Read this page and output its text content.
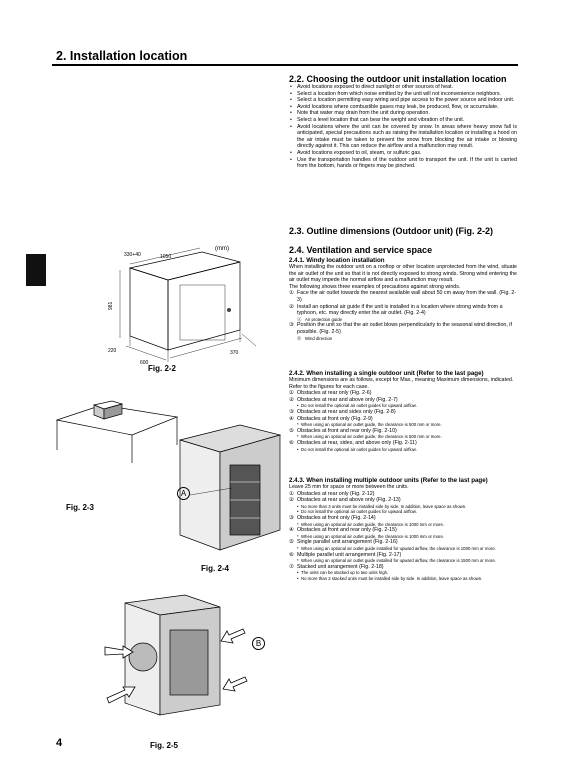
2. Installation location
4
2.2. Choosing the outdoor unit installation location
• Avoid locations exposed to direct sunlight or other sources of heat.
• Select a location from which noise emitted by the unit will not inconvenience neighbors.
• Select a location permitting easy wiring and pipe access to the power source and indoor unit.
• Avoid locations where combustible gases may leak, be produced, flow, or accumulate.
• Note that water may drain from the unit during operation.
• Select a level location that can bear the weight and vibration of the unit.
• Avoid locations where the unit can be covered by snow. In areas where heavy snow fall is anticipated, special precautions such as raising the installation location or installing a hood on the air intake must be taken to prevent the snow from blocking the air intake or blowing directly against it. This can reduce the airflow and a malfunction may result.
• Avoid locations exposed to oil, steam, or sulfuric gas.
• Use the transportation handles of the outdoor unit to transport the unit. If the unit is carried from the bottom, hands or fingers may be pinched.
2.3. Outline dimensions (Outdoor unit) (Fig. 2-2)
2.4. Ventilation and service space
2.4.1. Windy location installation
When installing the outdoor unit on a rooftop or other location unprotected from the wind, situate the air outlet of the unit so that it is not directly exposed to strong winds. Strong wind entering the air outlet may impede the normal airflow and a malfunction may result.
The following shows three examples of precautions against strong winds.
① Face the air outlet towards the nearest available wall about 50 cm away from the wall. (Fig. 2-3)
② Install an optional air guide if the unit is installed in a location where strong winds from a typhoon, etc. may directly enter the air outlet. (Fig. 2-4)
Ⓐ Air protection guide
③ Position the unit so that the air outlet blows perpendicularly to the seasonal wind direction, if possible. (Fig. 2-5)
Ⓑ Wind direction
2.4.2. When installing a single outdoor unit (Refer to the last page)
Minimum dimensions are as follows, except for Max., meaning Maximum dimensions, indicated.
Refer to the figures for each case.
① Obstacles at rear only (Fig. 2-6)
② Obstacles at rear and above only (Fig. 2-7)
• Do not install the optional air outlet guides for upward airflow.
③ Obstacles at rear and sides only (Fig. 2-8)
④ Obstacles at front only (Fig. 2-9)
* When using an optional air outlet guide, the clearance is 500 mm or more.
⑤ Obstacles at front and rear only (Fig. 2-10)
* When using an optional air outlet guide, the clearance is 500 mm or more.
⑥ Obstacles at rear, sides, and above only (Fig. 2-11)
• Do not install the optional air outlet guides for upward airflow.
2.4.3. When installing multiple outdoor units (Refer to the last page)
Leave 25 mm for space or more between the units.
① Obstacles at rear only (Fig. 2-12)
② Obstacles at rear and above only (Fig. 2-13)
• No more than 3 units must be installed side by side. In addition, leave space as shown.
• Do not install the optional air outlet guides for upward airflow.
③ Obstacles at front only (Fig. 2-14)
* When using an optional air outlet guide, the clearance is 1000 mm or more.
④ Obstacles at front and rear only (Fig. 2-15)
* When using an optional air outlet guide, the clearance is 1000 mm or more.
⑤ Single parallel unit arrangement (Fig. 2-16)
* When using an optional air outlet guide installed for upward airflow, the clearance is 1000 mm or more.
⑥ Multiple parallel unit arrangement (Fig. 2-17)
* When using an optional air outlet guide installed for upward airflow, the clearance is 1500 mm or more.
⑦ Stacked unit arrangement (Fig. 2-18)
• The units can be stacked up to two units high.
• No more than 2 stacked units must be installed side by side. In addition, leave space as shown.
(mm)
330+40	1050
981
220
600
370
Fig. 2-2
Fig. 2-3
A
Fig. 2-4
B
Fig. 2-5
